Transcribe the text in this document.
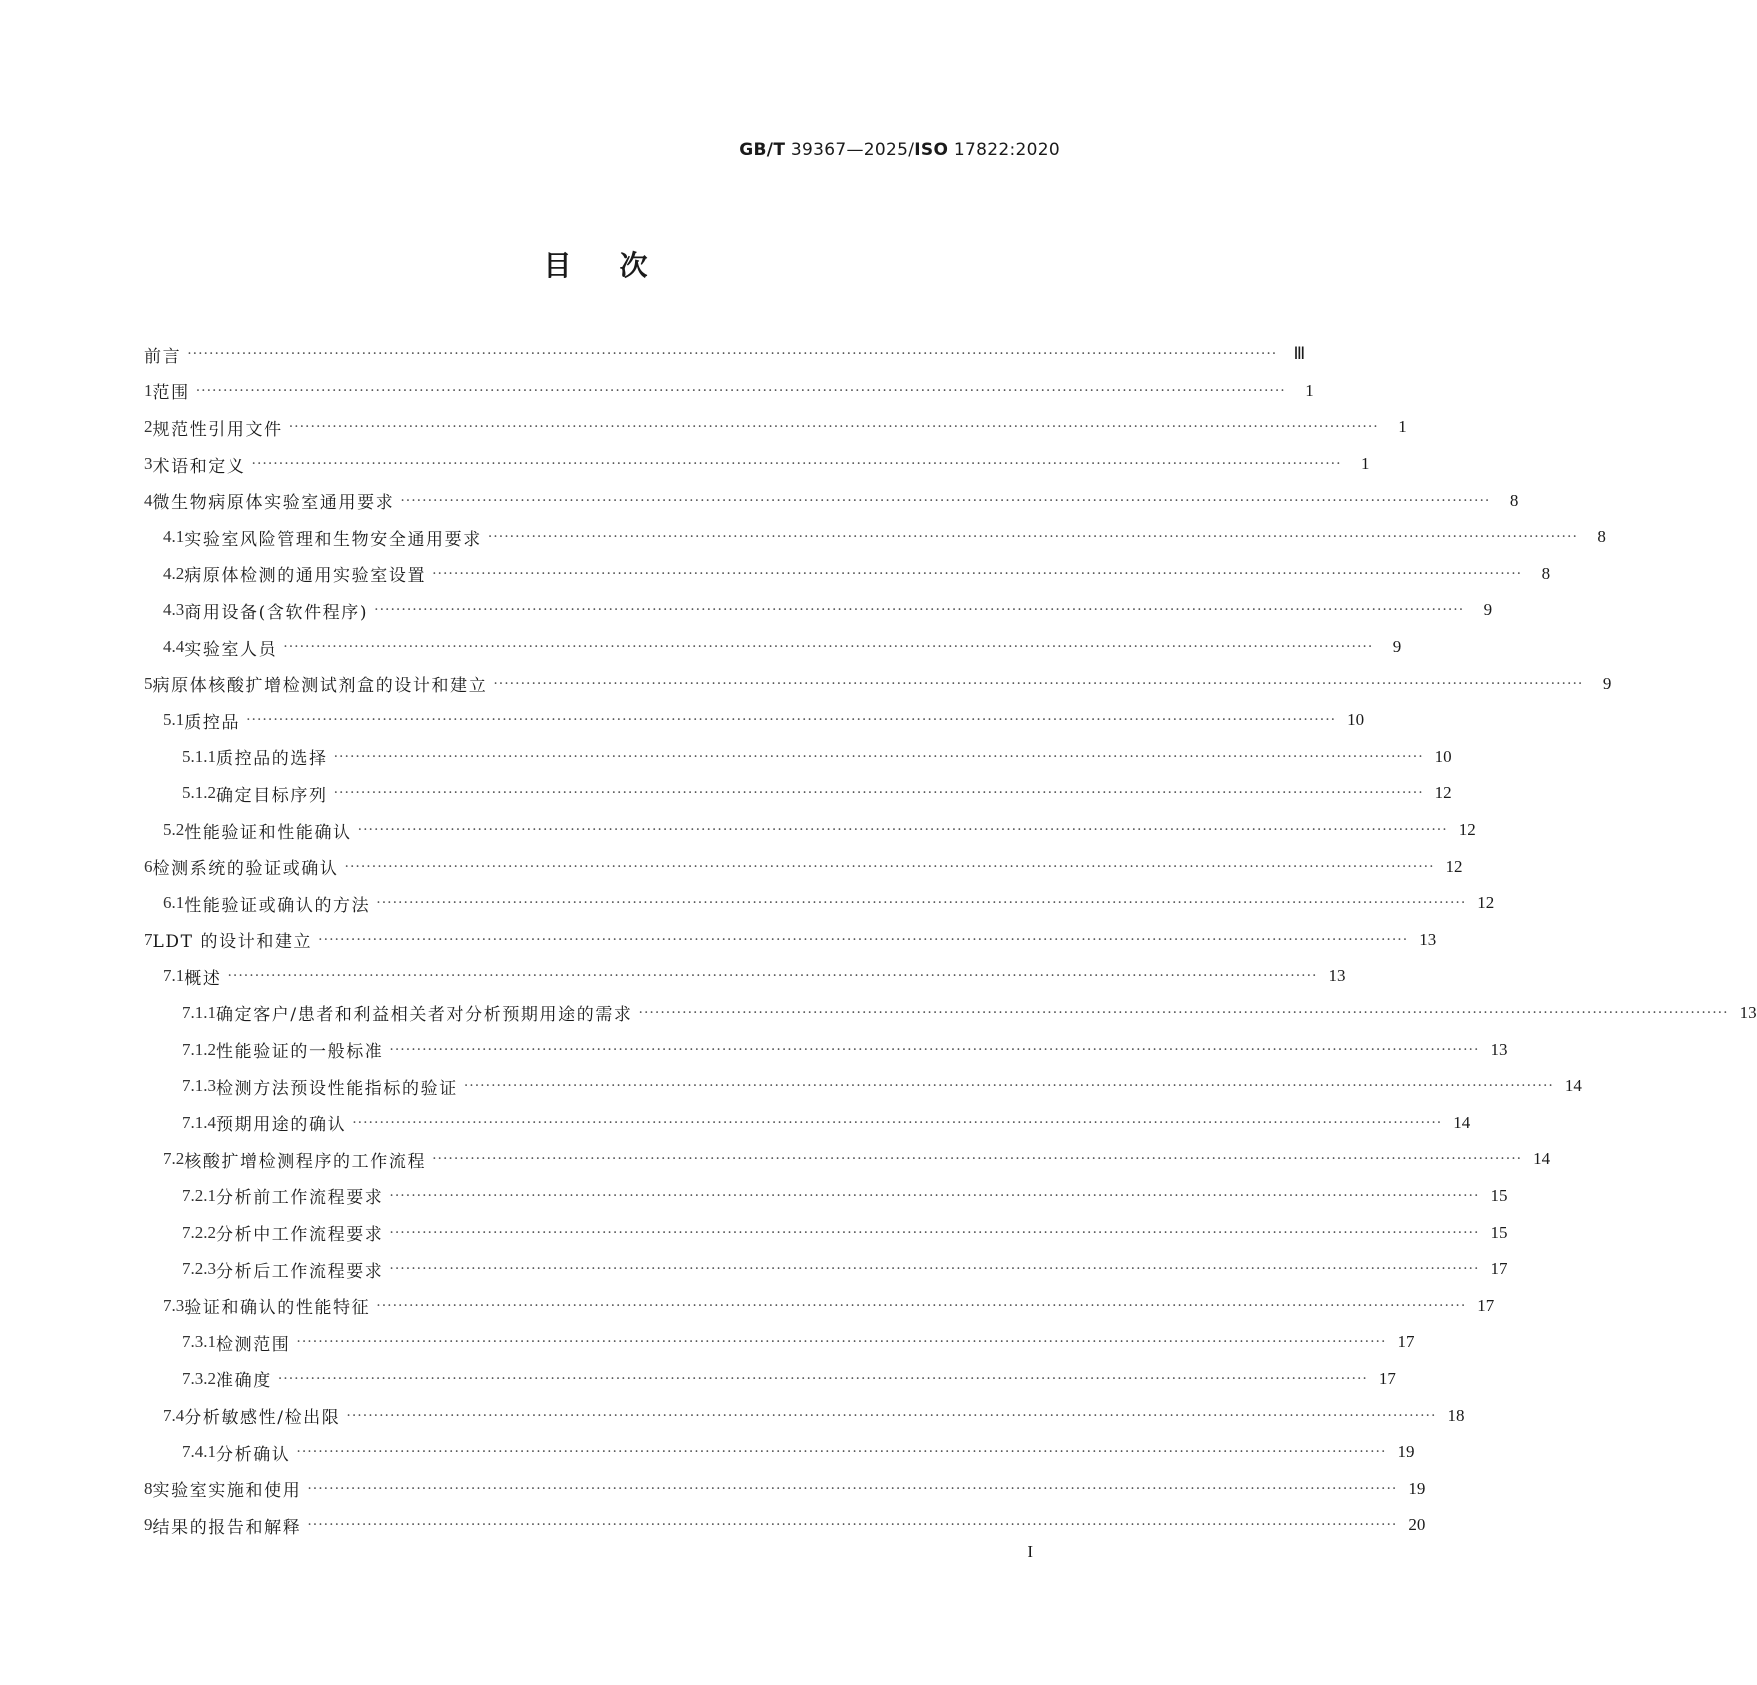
GB/T 39367—2025/ISO 17822:2020
目次
前言 ········································································································································································································ Ⅲ
1 范围 ········································································································································································································	1
2 规范性引用文件 ········································································································································································································	1
3 术语和定义 ········································································································································································································	1
4 微生物病原体实验室通用要求 ········································································································································································································	8
4.1 实验室风险管理和生物安全通用要求 ········································································································································································································	8
4.2 病原体检测的通用实验室设置 ········································································································································································································	8
4.3 商用设备(含软件程序) ········································································································································································································	9
4.4 实验室人员 ········································································································································································································	9
5 病原体核酸扩增检测试剂盒的设计和建立 ········································································································································································································	9
5.1 质控品 ········································································································································································································ 10
5.1.1 质控品的选择 ········································································································································································································ 10
5.1.2 确定目标序列 ········································································································································································································ 12
5.2 性能验证和性能确认 ········································································································································································································ 12
6 检测系统的验证或确认 ········································································································································································································ 12
6.1 性能验证或确认的方法 ········································································································································································································ 12
7 LDT 的设计和建立 ········································································································································································································ 13
7.1 概述 ········································································································································································································ 13
7.1.1 确定客户/患者和利益相关者对分析预期用途的需求 ········································································································································································································ 13
7.1.2 性能验证的一般标准 ········································································································································································································ 13
7.1.3 检测方法预设性能指标的验证 ········································································································································································································ 14
7.1.4 预期用途的确认 ········································································································································································································ 14
7.2 核酸扩增检测程序的工作流程 ········································································································································································································ 14
7.2.1 分析前工作流程要求 ········································································································································································································ 15
7.2.2 分析中工作流程要求 ········································································································································································································ 15
7.2.3 分析后工作流程要求 ········································································································································································································ 17
7.3 验证和确认的性能特征 ········································································································································································································ 17
7.3.1 检测范围 ········································································································································································································ 17
7.3.2 准确度 ········································································································································································································ 17
7.4 分析敏感性/检出限 ········································································································································································································ 18
7.4.1 分析确认 ········································································································································································································ 19
8 实验室实施和使用 ········································································································································································································ 19
9 结果的报告和解释 ········································································································································································································ 20
I
